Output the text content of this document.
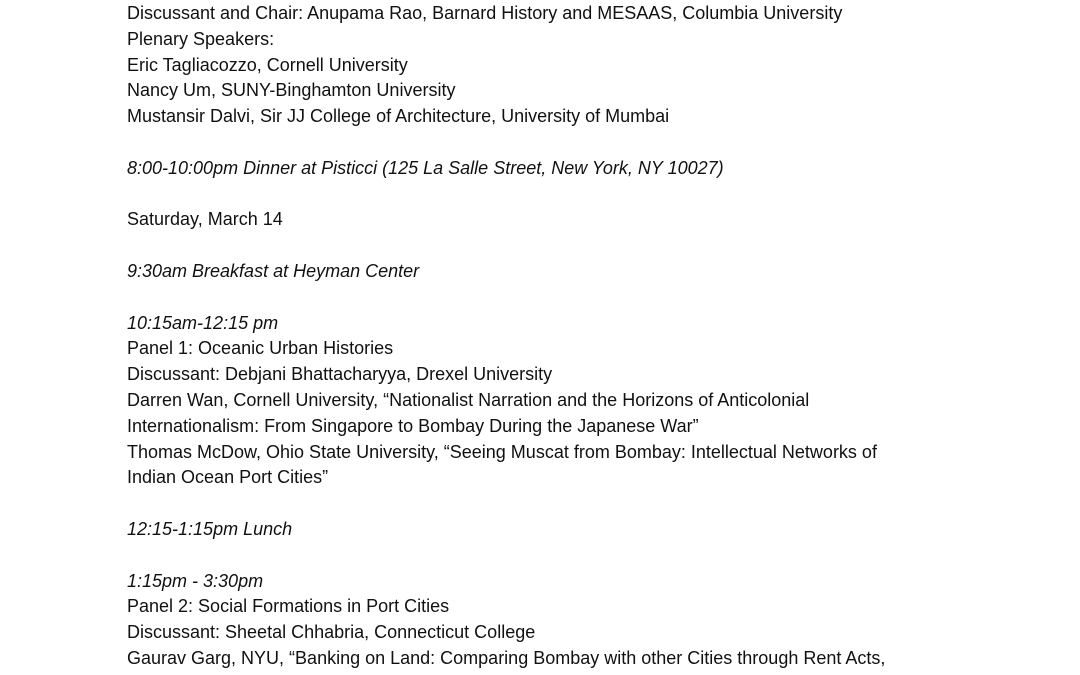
Discussant and Chair: Anupama Rao, Barnard History and MESAAS, Columbia University
Plenary Speakers:
Eric Tagliacozzo, Cornell University
Nancy Um, SUNY-Binghamton University
Mustansir Dalvi, Sir JJ College of Architecture, University of Mumbai
8:00-10:00pm Dinner at Pisticci (125 La Salle Street, New York, NY 10027)
Saturday, March 14
9:30am Breakfast at Heyman Center
10:15am-12:15 pm
Panel 1: Oceanic Urban Histories
Discussant: Debjani Bhattacharyya, Drexel University
Darren Wan, Cornell University, “Nationalist Narration and the Horizons of Anticolonial
Internationalism: From Singapore to Bombay During the Japanese War”
Thomas McDow, Ohio State University, “Seeing Muscat from Bombay: Intellectual Networks of
Indian Ocean Port Cities”
12:15-1:15pm Lunch
1:15pm - 3:30pm
Panel 2: Social Formations in Port Cities
Discussant: Sheetal Chhabria, Connecticut College
Gaurav Garg, NYU, “Banking on Land: Comparing Bombay with other Cities through Rent Acts,
